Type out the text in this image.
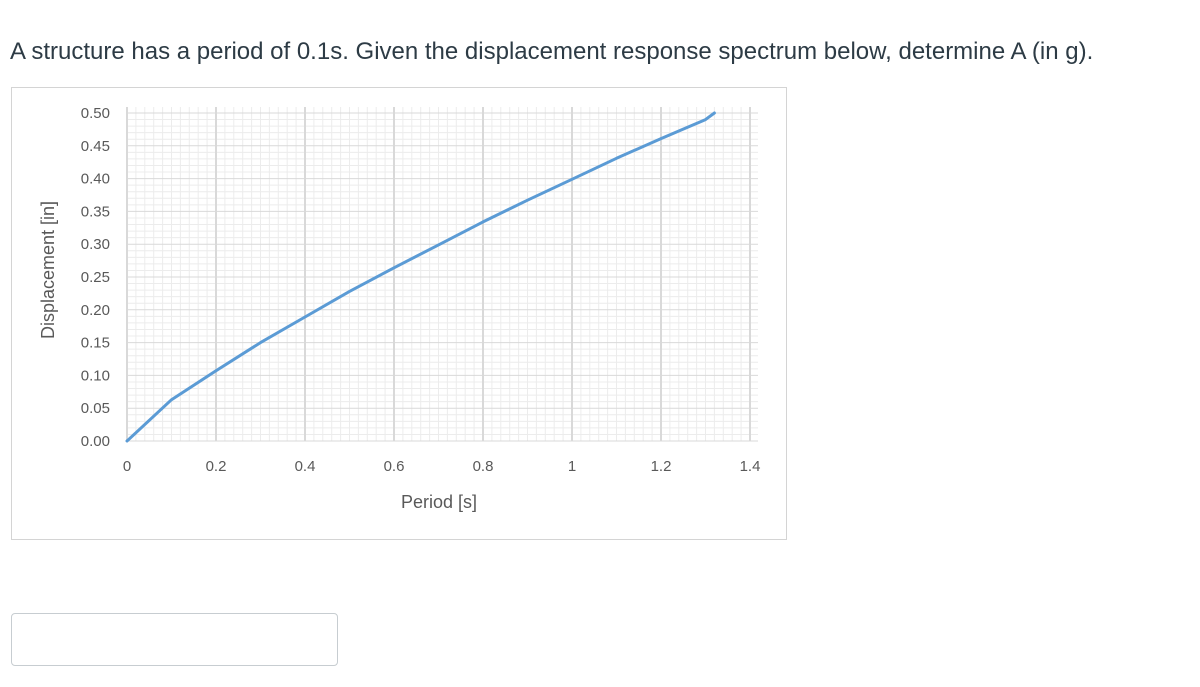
A structure has a period of 0.1s. Given the displacement response spectrum below, determine A (in g).
0.00
0.05
0.10
0.15
0.20
0.25
0.30
0.35
0.40
0.45
0.50
0	0.2	0.4	0.6	0.8	1	1.2	1.4
Period [s]
Displacement [in]
